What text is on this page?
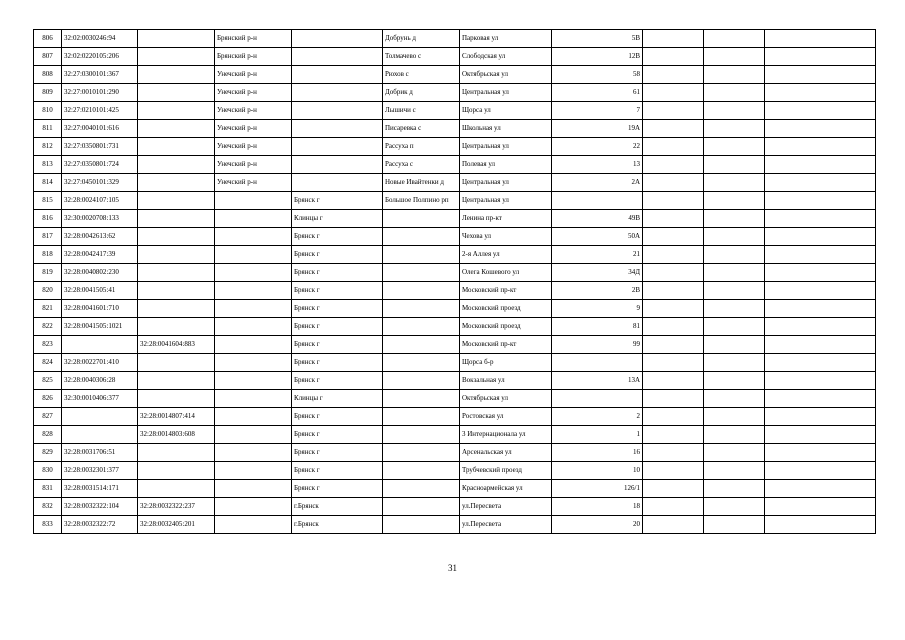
806	32:02:0030246:94		Брянский р-н		Добрунь д	Парковая ул	5В			
807	32:02:0220105:206		Брянский р-н		Толмачево с	Слободская ул	12В			
808	32:27:0300101:367		Унечский р-н		Рюхов с	Октябрьская ул	58			
809	32:27:0010101:290		Унечский р-н		Добрик д	Центральная ул	61			
810	32:27:0210101:425		Унечский р-н		Лышичи с	Щорса ул	7			
811	32:27:0040101:616		Унечский р-н		Писаревка с	Школьная ул	19А			
812	32:27:0350801:731		Унечский р-н		Рассуха п	Центральная ул	22			
813	32:27:0350801:724		Унечский р-н		Рассуха с	Полевая ул	13			
814	32:27:0450101:329		Унечский р-н		Новые Ивайтенки д	Центральная ул	2А			
815	32:28:0024107:105			Брянск г	Большое Полпино рп	Центральная ул				
816	32:30:0020708:133			Клинцы г		Ленина пр-кт	49В			
817	32:28:0042613:62			Брянск г		Чехова ул	50А			
818	32:28:0042417:39			Брянск г		2-я Аллея ул	21			
819	32:28:0040802:230			Брянск г		Олега Кошевого ул	34Д			
820	32:28:0041505:41			Брянск г		Московский пр-кт	2В			
821	32:28:0041601:710			Брянск г		Московский проезд	9			
822	32:28:0041505:1021			Брянск г		Московский проезд	81			
823		32:28:0041604:883		Брянск г		Московский пр-кт	99			
824	32:28:0022701:410			Брянск г		Щорса б-р				
825	32:28:0040306:28			Брянск г		Вокзальная ул	13А			
826	32:30:0010406:377			Клинцы г		Октябрьская ул				
827		32:28:0014807:414		Брянск г		Ростовская ул	2			
828		32:28:0014803:608		Брянск г		3 Интернационала ул	1			
829	32:28:0031706:51			Брянск г		Арсенальская ул	16			
830	32:28:0032301:377			Брянск г		Трубчевский проезд	10			
831	32:28:0031514:171			Брянск г		Красноармейская ул	126/1			
832	32:28:0032322:104	32:28:0032322:237		г.Брянск		ул.Пересвета	18			
833	32:28:0032322:72	32:28:0032405:201		г.Брянск		ул.Пересвета	20			
31
